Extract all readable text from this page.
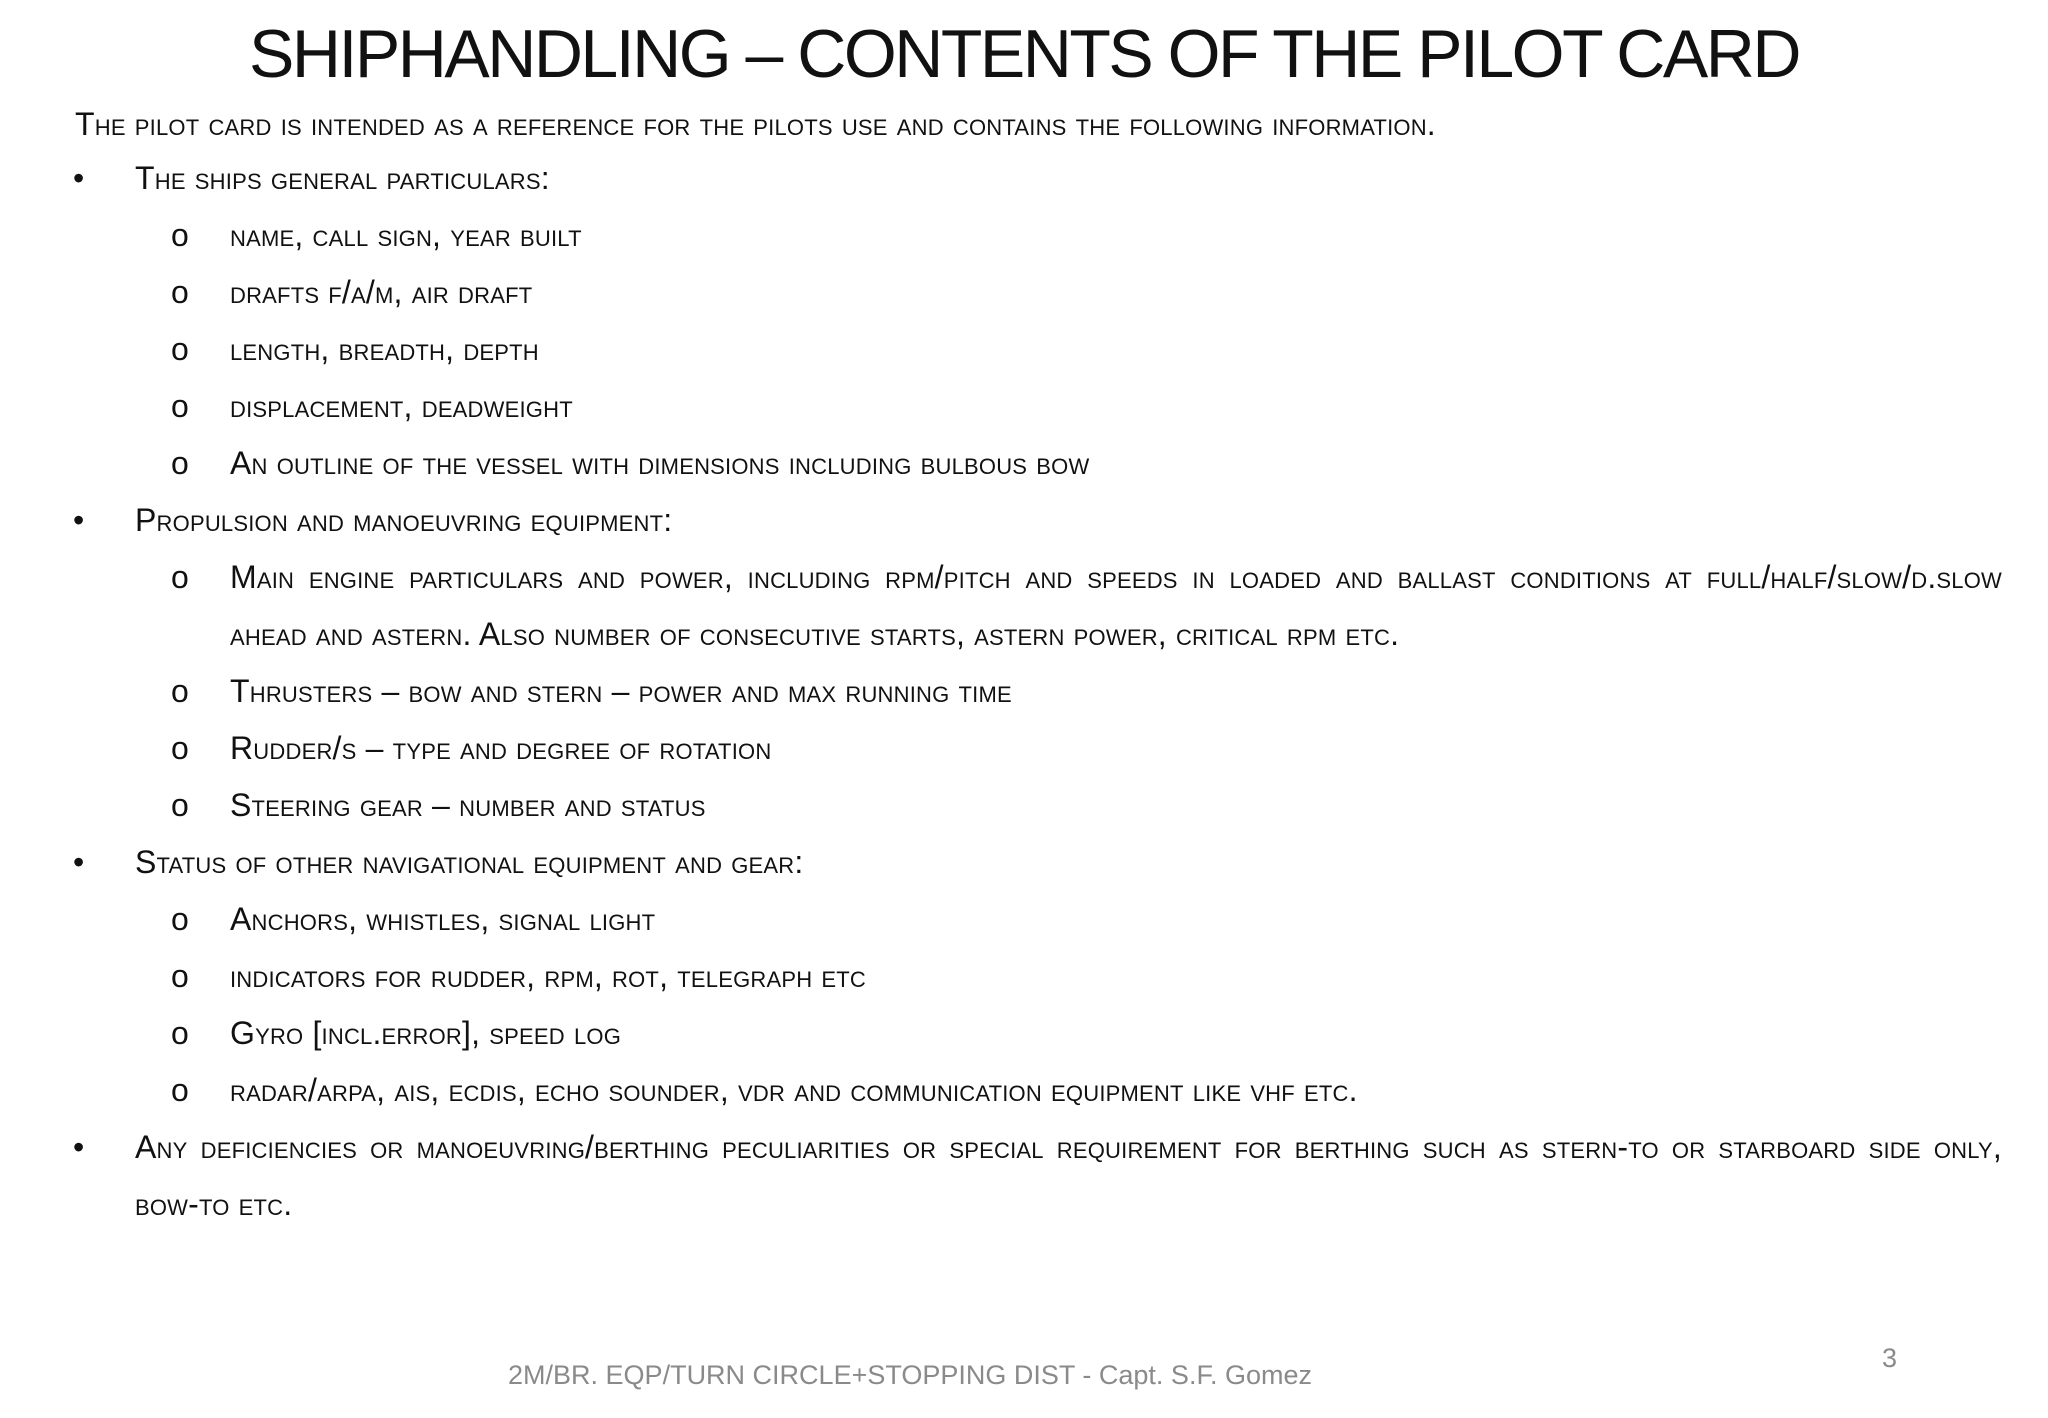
SHIPHANDLING – CONTENTS OF THE PILOT CARD

The pilot card is intended as a reference for the pilots use and contains the following information.

• The ships general particulars:
o name, call sign, year built
o drafts f/a/m, air draft
o length, breadth, depth
o displacement, deadweight
o An outline of the vessel with dimensions including bulbous bow
• Propulsion and manoeuvring equipment:
o Main engine particulars and power, including rpm/pitch and speeds in loaded and ballast conditions at full/half/slow/d.slow ahead and astern. Also number of consecutive starts, astern power, critical rpm etc.
o Thrusters – bow and stern – power and max running time
o Rudder/s – type and degree of rotation
o Steering gear – number and status
• Status of other navigational equipment and gear:
o Anchors, whistles, signal light
o indicators for rudder, rpm, rot, telegraph etc
o Gyro [incl.error], speed log
o radar/arpa, ais, ecdis, echo sounder, vdr and communication equipment like vhf etc.
• Any deficiencies or manoeuvring/berthing peculiarities or special requirement for berthing such as stern-to or starboard side only, bow-to etc.
2M/BR. EQP/TURN CIRCLE+STOPPING DIST - Capt. S.F. Gomez
3
